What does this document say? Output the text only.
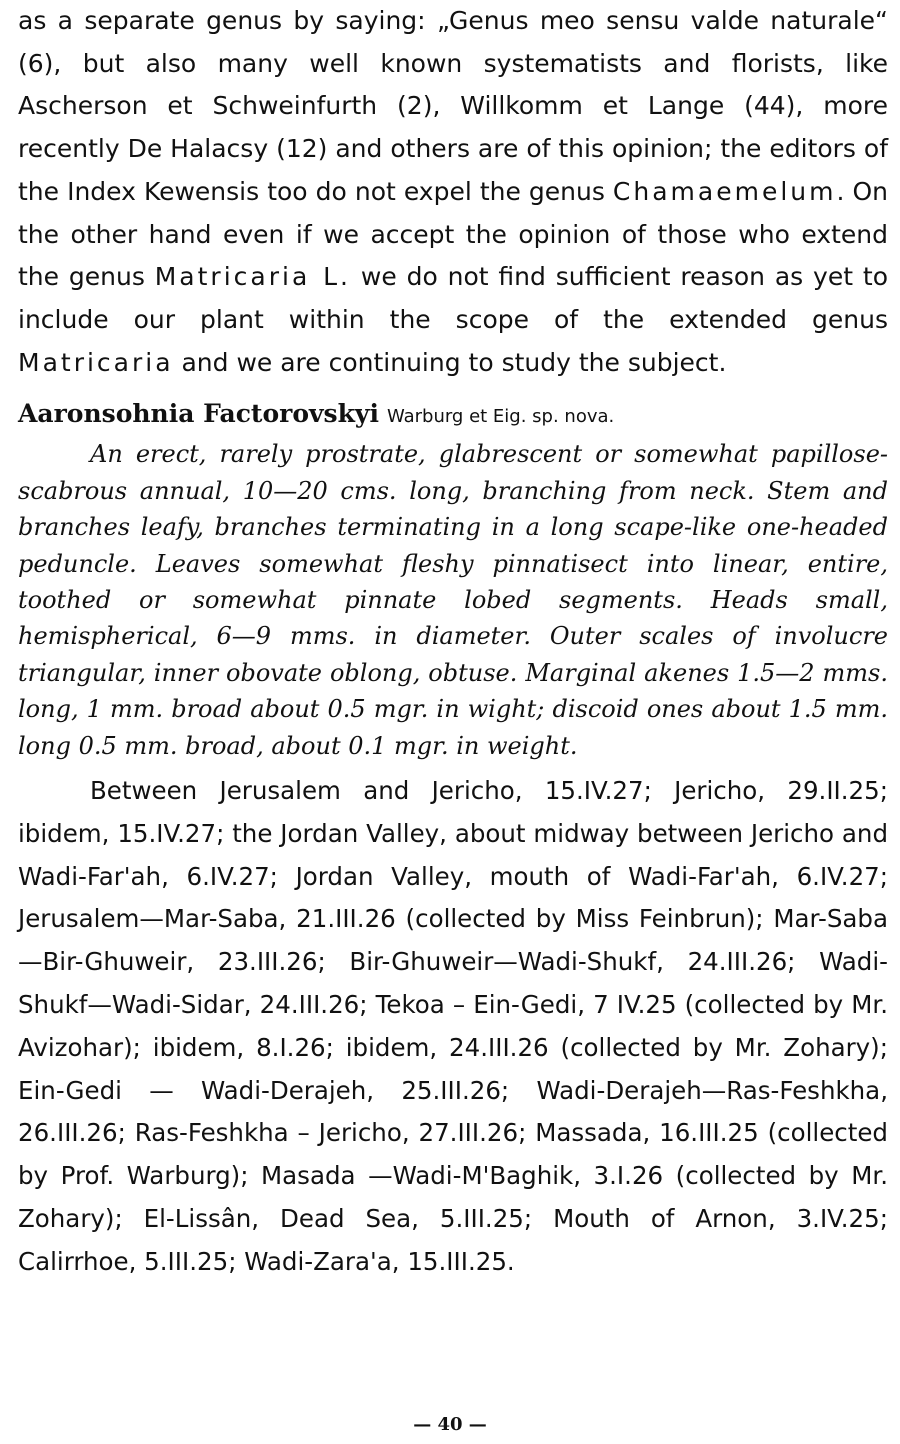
as a separate genus by saying: „Genus meo sensu valde naturale“ (6), but also many well known systematists and florists, like Ascherson et Schweinfurth (2), Willkomm et Lange (44), more recently De Halacsy (12) and others are of this opinion; the editors of the Index Kewensis too do not expel the genus Chamaemelum. On the other hand even if we accept the opinion of those who extend the genus Matricaria L. we do not find sufficient reason as yet to include our plant within the scope of the extended genus Matricaria and we are continuing to study the subject.

Aaronsohnia Factorovskyi Warburg et Eig. sp. nova.

An erect, rarely prostrate, glabrescent or somewhat papillose-scabrous annual, 10—20 cms. long, branching from neck. Stem and branches leafy, branches terminating in a long scape-like one-headed peduncle. Leaves somewhat fleshy pinnatisect into linear, entire, toothed or somewhat pinnate lobed segments. Heads small, hemispherical, 6—9 mms. in diameter. Outer scales of involucre triangular, inner obovate oblong, obtuse. Marginal akenes 1.5—2 mms. long, 1 mm. broad about 0.5 mgr. in wight; discoid ones about 1.5 mm. long 0.5 mm. broad, about 0.1 mgr. in weight.

Between Jerusalem and Jericho, 15.IV.27; Jericho, 29.II.25; ibidem, 15.IV.27; the Jordan Valley, about midway between Jericho and Wadi-Far'ah, 6.IV.27; Jordan Valley, mouth of Wadi-Far'ah, 6.IV.27; Jerusalem—Mar-Saba, 21.III.26 (collected by Miss Feinbrun); Mar-Saba—Bir-Ghuweir, 23.III.26; Bir-Ghuweir—Wadi-Shukf, 24.III.26; Wadi-Shukf—Wadi-Sidar, 24.III.26; Tekoa – Ein-Gedi, 7 IV.25 (collected by Mr. Avizohar); ibidem, 8.I.26; ibidem, 24.III.26 (collected by Mr. Zohary); Ein-Gedi — Wadi-Derajeh, 25.III.26; Wadi-Derajeh—Ras-Feshkha, 26.III.26; Ras-Feshkha – Jericho, 27.III.26; Massada, 16.III.25 (collected by Prof. Warburg); Masada —Wadi-M'Baghik, 3.I.26 (collected by Mr. Zohary); El-Lissân, Dead Sea, 5.III.25; Mouth of Arnon, 3.IV.25; Calirrhoe, 5.III.25; Wadi-Zara'a, 15.III.25.

— 40 —
